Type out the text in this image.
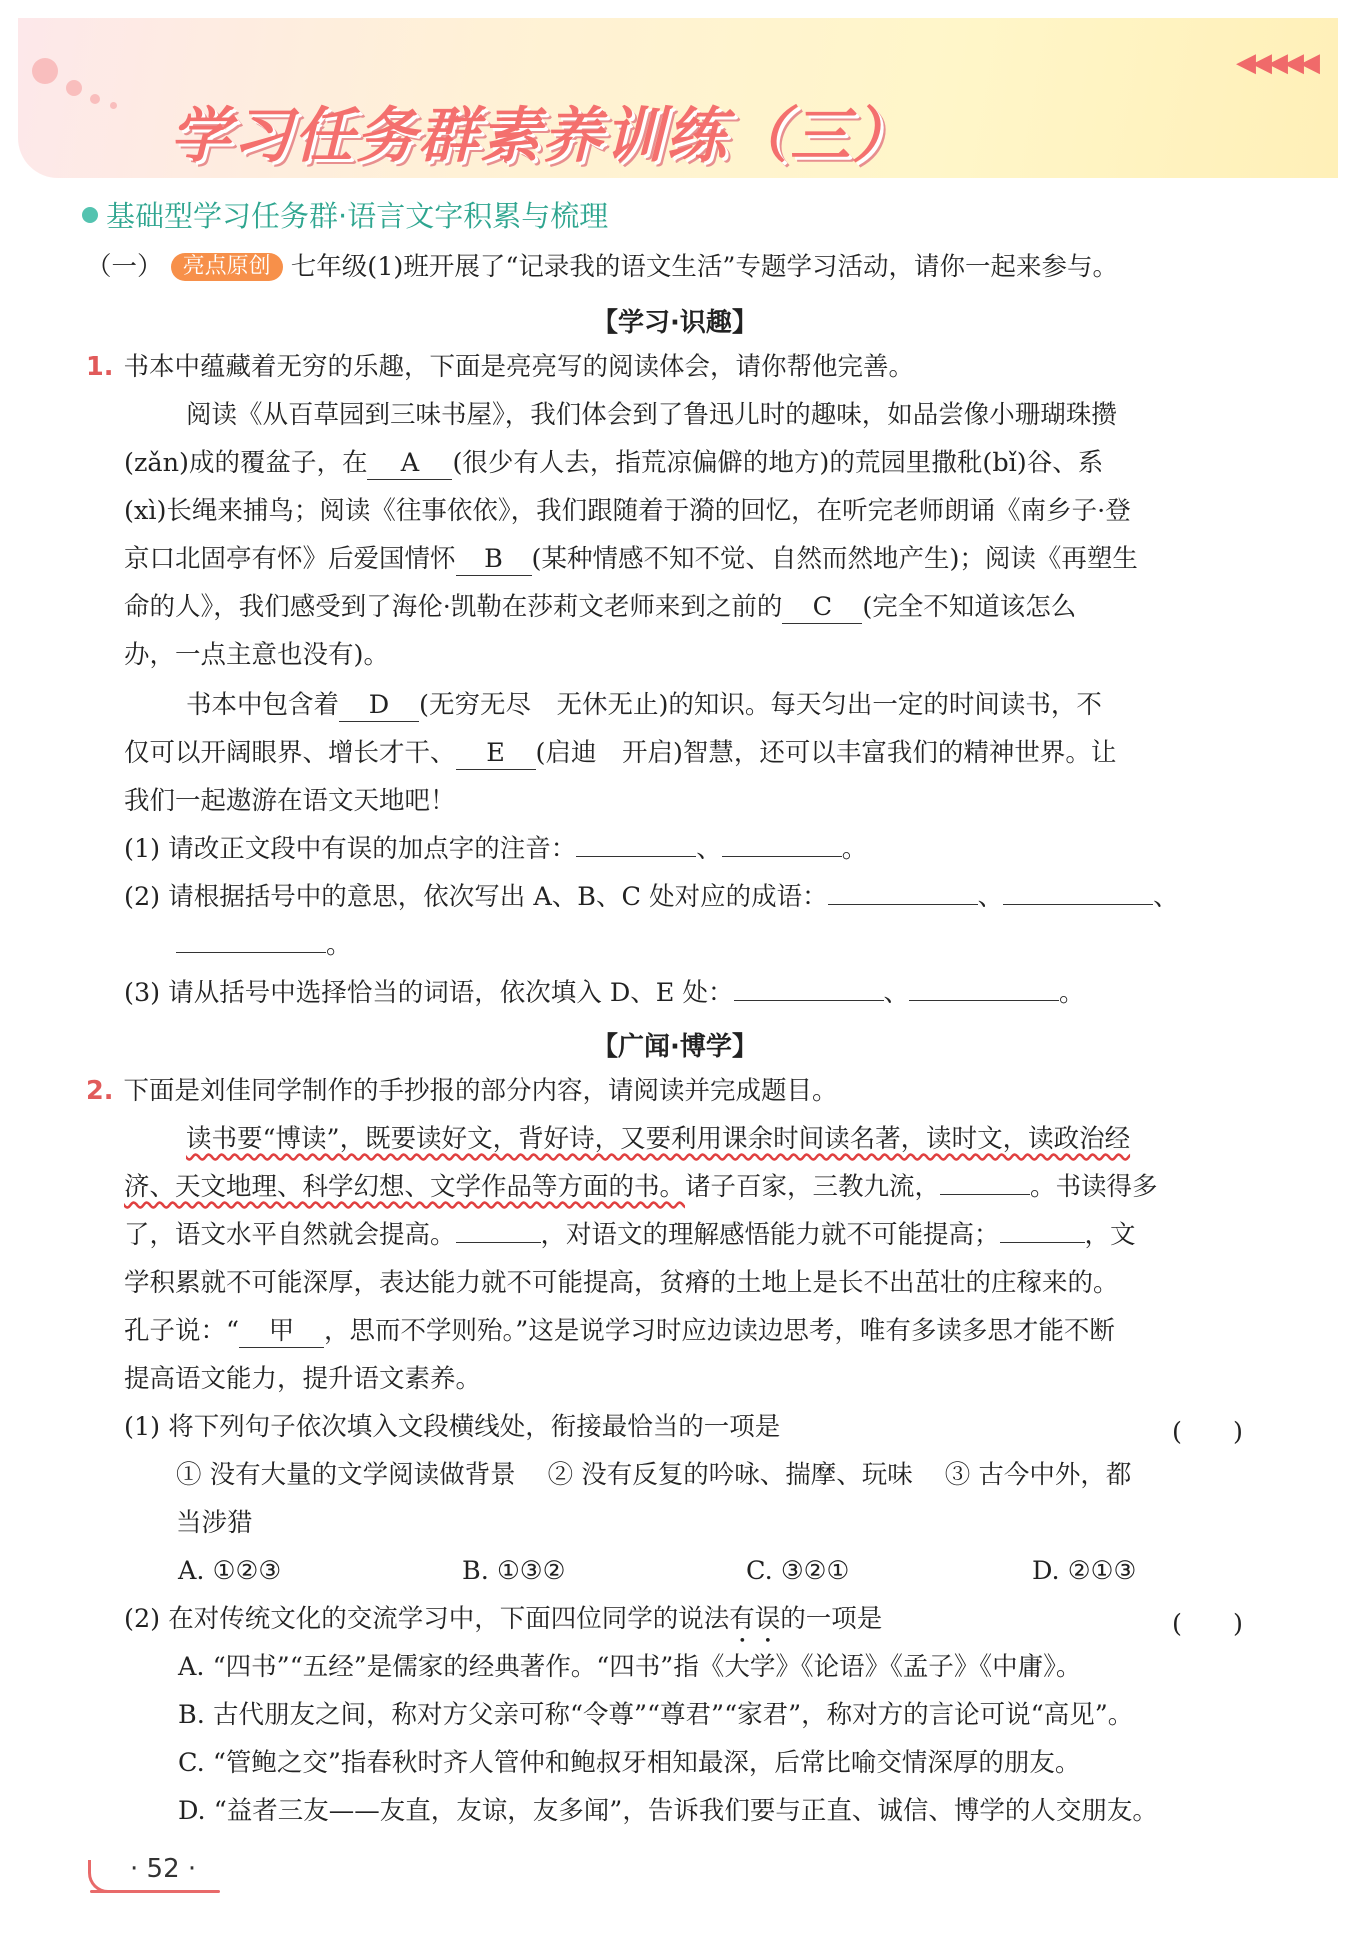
◀◀◀◀◀
学习任务群素养训练（三）
基础型学习任务群·语言文字积累与梳理
（一） 亮点原创 七年级(1)班开展了“记录我的语文生活”专题学习活动，请你一起来参与。
【学习·识趣】
1. 书本中蕴藏着无穷的乐趣，下面是亮亮写的阅读体会，请你帮他完善。
阅读《从百草园到三味书屋》，我们体会到了鲁迅儿时的趣味，如品尝像小珊瑚珠攒
(zǎn)成的覆盆子，在 A (很少有人去，指荒凉偏僻的地方)的荒园里撒秕(bǐ)谷、系
(xì)长绳来捕鸟；阅读《往事依依》，我们跟随着于漪的回忆，在听完老师朗诵《南乡子·登
京口北固亭有怀》后爱国情怀 B (某种情感不知不觉、自然而然地产生)；阅读《再塑生
命的人》，我们感受到了海伦·凯勒在莎莉文老师来到之前的 C (完全不知道该怎么
办，一点主意也没有)。
书本中包含着 D (无穷无尽　无休无止)的知识。每天匀出一定的时间读书，不
仅可以开阔眼界、增长才干、 E (启迪　开启)智慧，还可以丰富我们的精神世界。让
我们一起遨游在语文天地吧！
(1) 请改正文段中有误的加点字的注音：	、	。
(2) 请根据括号中的意思，依次写出 A、B、C 处对应的成语：	、	、
。
(3) 请从括号中选择恰当的词语，依次填入 D、E 处：	、	。
【广闻·博学】
2. 下面是刘佳同学制作的手抄报的部分内容，请阅读并完成题目。
读书要“博读”，既要读好文，背好诗，又要利用课余时间读名著，读时文，读政治经
济、天文地理、科学幻想、文学作品等方面的书。诸子百家，三教九流，	。书读得多
了，语文水平自然就会提高。	，对语文的理解感悟能力就不可能提高；	，文
学积累就不可能深厚，表达能力就不可能提高，贫瘠的土地上是长不出茁壮的庄稼来的。
孔子说：“ 甲 ，思而不学则殆。”这是说学习时应边读边思考，唯有多读多思才能不断
提高语文能力，提升语文素养。
(1) 将下列句子依次填入文段横线处，衔接最恰当的一项是	(　　)
① 没有大量的文学阅读做背景 ② 没有反复的吟咏、揣摩、玩味 ③ 古今中外，都
当涉猎
A. ①②③	B. ①③②	C. ③②①	D. ②①③
(2) 在对传统文化的交流学习中，下面四位同学的说法有误的一项是	(　　)
A. “四书”“五经”是儒家的经典著作。“四书”指《大学》《论语》《孟子》《中庸》。
B. 古代朋友之间，称对方父亲可称“令尊”“尊君”“家君”，称对方的言论可说“高见”。
C. “管鲍之交”指春秋时齐人管仲和鲍叔牙相知最深，后常比喻交情深厚的朋友。
D. “益者三友——友直，友谅，友多闻”，告诉我们要与正直、诚信、博学的人交朋友。
· 52 ·
